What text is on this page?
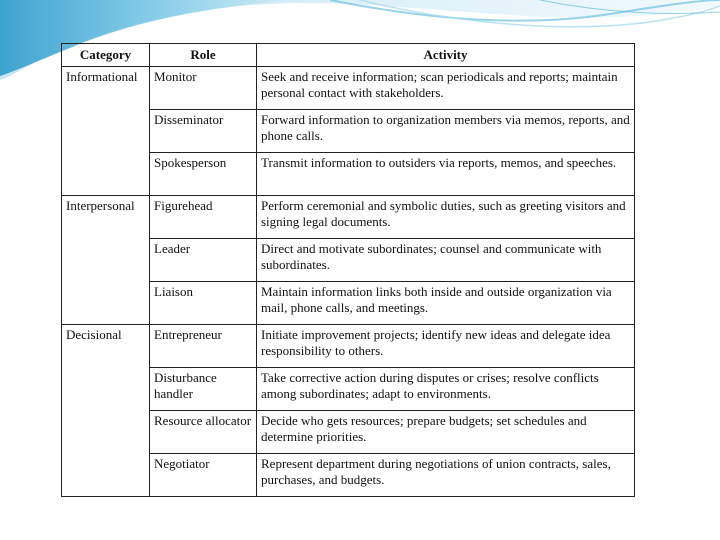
Category	Role	Activity
Informational	Monitor	Seek and receive information; scan periodicals and reports; maintain personal contact with stakeholders.
	Disseminator	Forward information to organization members via memos, reports, and phone calls.
	Spokesperson	Transmit information to outsiders via reports, memos, and speeches.
Interpersonal	Figurehead	Perform ceremonial and symbolic duties, such as greeting visitors and signing legal documents.
	Leader	Direct and motivate subordinates; counsel and communicate with subordinates.
	Liaison	Maintain information links both inside and outside organization via mail, phone calls, and meetings.
Decisional	Entrepreneur	Initiate improvement projects; identify new ideas and delegate idea responsibility to others.
	Disturbance handler	Take corrective action during disputes or crises; resolve conflicts among subordinates; adapt to environments.
	Resource allocator	Decide who gets resources; prepare budgets; set schedules and determine priorities.
	Negotiator	Represent department during negotiations of union contracts, sales, purchases, and budgets.
